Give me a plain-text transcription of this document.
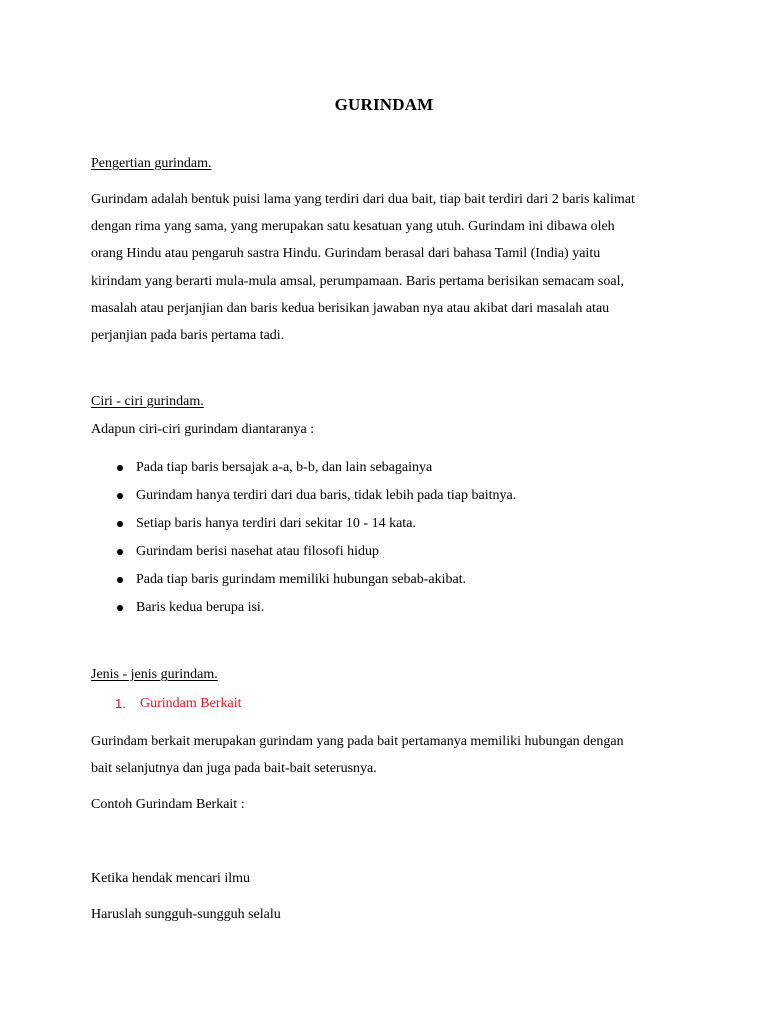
GURINDAM
Pengertian gurindam.
Gurindam adalah bentuk puisi lama yang terdiri dari dua bait, tiap bait terdiri dari 2 baris kalimat
dengan rima yang sama, yang merupakan satu kesatuan yang utuh. Gurindam ini dibawa oleh
orang Hindu atau pengaruh sastra Hindu. Gurindam berasal dari bahasa Tamil (India) yaitu
kirindam yang berarti mula-mula amsal, perumpamaan. Baris pertama berisikan semacam soal,
masalah atau perjanjian dan baris kedua berisikan jawaban nya atau akibat dari masalah atau
perjanjian pada baris pertama tadi.
Ciri - ciri gurindam.
Adapun ciri-ciri gurindam diantaranya :
Pada tiap baris bersajak a-a, b-b, dan lain sebagainya
Gurindam hanya terdiri dari dua baris, tidak lebih pada tiap baitnya.
Setiap baris hanya terdiri dari sekitar 10 - 14 kata.
Gurindam berisi nasehat atau filosofi hidup
Pada tiap baris gurindam memiliki hubungan sebab-akibat.
Baris kedua berupa isi.
Jenis - jenis gurindam.
1. Gurindam Berkait
Gurindam berkait merupakan gurindam yang pada bait pertamanya memiliki hubungan dengan
bait selanjutnya dan juga pada bait-bait seterusnya.
Contoh Gurindam Berkait :
Ketika hendak mencari ilmu
Haruslah sungguh-sungguh selalu
